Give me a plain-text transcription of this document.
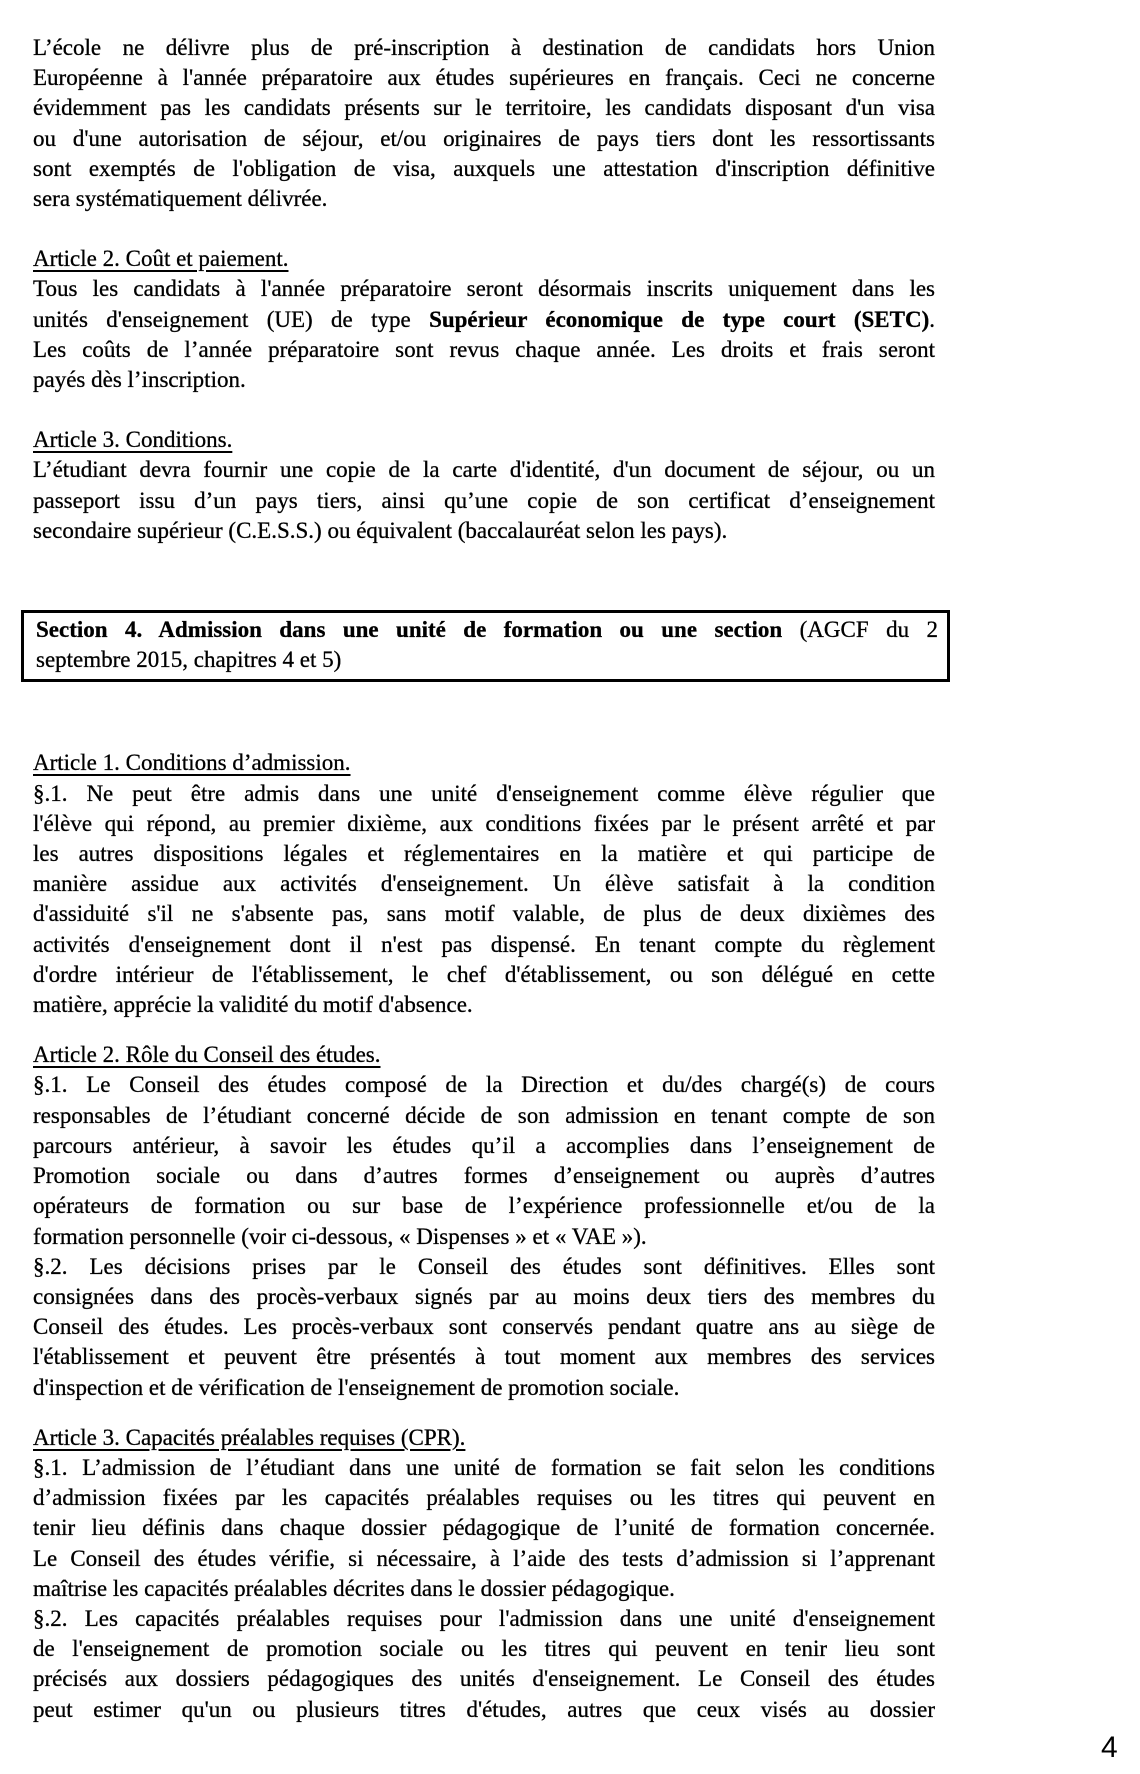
L’école ne délivre plus de pré-inscription à destination de candidats hors Union
Européenne à l'année préparatoire aux études supérieures en français. Ceci ne concerne
évidemment pas les candidats présents sur le territoire, les candidats disposant d'un visa
ou d'une autorisation de séjour, et/ou originaires de pays tiers dont les ressortissants
sont exemptés de l'obligation de visa, auxquels une attestation d'inscription définitive
sera systématiquement délivrée.
Article 2. Coût et paiement.
Tous les candidats à l'année préparatoire seront désormais inscrits uniquement dans les
unités d'enseignement (UE) de type Supérieur économique de type court (SETC).
Les coûts de l’année préparatoire sont revus chaque année. Les droits et frais seront
payés dès l’inscription.
Article 3. Conditions.
L’étudiant devra fournir une copie de la carte d'identité, d'un document de séjour, ou un
passeport issu d’un pays tiers, ainsi qu’une copie de son certificat d’enseignement
secondaire supérieur (C.E.S.S.) ou équivalent (baccalauréat selon les pays).
Section 4. Admission dans une unité de formation ou une section (AGCF du 2
septembre 2015, chapitres 4 et 5)
Article 1. Conditions d’admission.
§.1. Ne peut être admis dans une unité d'enseignement comme élève régulier que
l'élève qui répond, au premier dixième, aux conditions fixées par le présent arrêté et par
les autres dispositions légales et réglementaires en la matière et qui participe de
manière assidue aux activités d'enseignement. Un élève satisfait à la condition
d'assiduité s'il ne s'absente pas, sans motif valable, de plus de deux dixièmes des
activités d'enseignement dont il n'est pas dispensé. En tenant compte du règlement
d'ordre intérieur de l'établissement, le chef d'établissement, ou son délégué en cette
matière, apprécie la validité du motif d'absence.
Article 2. Rôle du Conseil des études.
§.1. Le Conseil des études composé de la Direction et du/des chargé(s) de cours
responsables de l’étudiant concerné décide de son admission en tenant compte de son
parcours antérieur, à savoir les études qu’il a accomplies dans l’enseignement de
Promotion sociale ou dans d’autres formes d’enseignement ou auprès d’autres
opérateurs de formation ou sur base de l’expérience professionnelle et/ou de la
formation personnelle (voir ci-dessous, « Dispenses » et « VAE »).
§.2. Les décisions prises par le Conseil des études sont définitives. Elles sont
consignées dans des procès-verbaux signés par au moins deux tiers des membres du
Conseil des études. Les procès-verbaux sont conservés pendant quatre ans au siège de
l'établissement et peuvent être présentés à tout moment aux membres des services
d'inspection et de vérification de l'enseignement de promotion sociale.
Article 3. Capacités préalables requises (CPR).
§.1. L’admission de l’étudiant dans une unité de formation se fait selon les conditions
d’admission fixées par les capacités préalables requises ou les titres qui peuvent en
tenir lieu définis dans chaque dossier pédagogique de l’unité de formation concernée.
Le Conseil des études vérifie, si nécessaire, à l’aide des tests d’admission si l’apprenant
maîtrise les capacités préalables décrites dans le dossier pédagogique.
§.2. Les capacités préalables requises pour l'admission dans une unité d'enseignement
de l'enseignement de promotion sociale ou les titres qui peuvent en tenir lieu sont
précisés aux dossiers pédagogiques des unités d'enseignement. Le Conseil des études
peut estimer qu'un ou plusieurs titres d'études, autres que ceux visés au dossier
4
